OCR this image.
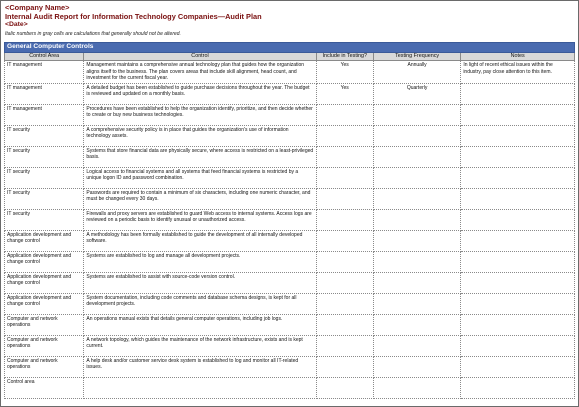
<Company Name>
Internal Audit Report for Information Technology Companies—Audit Plan
<Date>
Italic numbers in gray cells are calculations that generally should not be altered.
General Computer Controls				
Control Area	Control	Include in Testing?	Testing Frequency	Notes
IT management	Management maintains a comprehensive annual technology plan that guides how the organization aligns itself to the business. The plan covers areas that include skill alignment, head count, and investment for the current fiscal year.	Yes	Annually	In light of recent ethical issues within the industry, pay close attention to this item.
IT management	A detailed budget has been established to guide purchase decisions throughout the year. The budget is reviewed and updated on a monthly basis.	Yes	Quarterly	
IT management	Procedures have been established to help the organization identify, prioritize, and then decide whether to create or buy new business technologies.			
IT security	A comprehensive security policy is in place that guides the organization's use of information technology assets.			
IT security	Systems that store financial data are physically secure, where access is restricted on a least-privileged basis.			
IT security	Logical access to financial systems and all systems that feed financial systems is restricted by a unique logon ID and password combination.			
IT security	Passwords are required to contain a minimum of six characters, including one numeric character, and must be changed every 30 days.			
IT security	Firewalls and proxy servers are established to guard Web access to internal systems. Access logs are reviewed on a periodic basis to identify unusual or unauthorized access.			
Application development and change control	A methodology has been formally established to guide the development of all internally developed software.			
Application development and change control	Systems are established to log and manage all development projects.			
Application development and change control	Systems are established to assist with source-code version control.			
Application development and change control	System documentation, including code comments and database schema designs, is kept for all development projects.			
Computer and network operations	An operations manual exists that details general computer operations, including job logs.			
Computer and network operations	A network topology, which guides the maintenance of the network infrastructure, exists and is kept current.			
Computer and network operations	A help desk and/or customer service desk system is established to log and monitor all IT-related issues.			
Control area				
